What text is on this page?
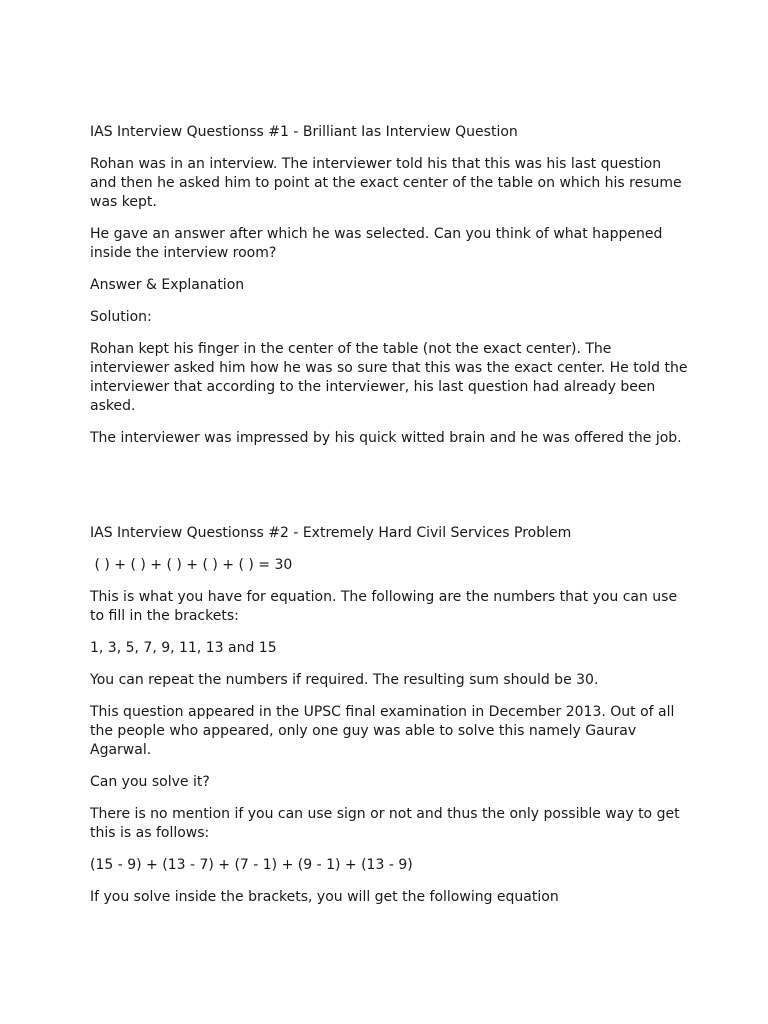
IAS Interview Questionss #1 - Brilliant Ias Interview Question

Rohan was in an interview. The interviewer told his that this was his last question and then he asked him to point at the exact center of the table on which his resume was kept.

He gave an answer after which he was selected. Can you think of what happened inside the interview room?

Answer & Explanation

Solution:

Rohan kept his finger in the center of the table (not the exact center). The interviewer asked him how he was so sure that this was the exact center. He told the interviewer that according to the interviewer, his last question had already been asked.

The interviewer was impressed by his quick witted brain and he was offered the job.

IAS Interview Questionss #2 - Extremely Hard Civil Services Problem

( ) + ( ) + ( ) + ( ) + ( ) = 30

This is what you have for equation. The following are the numbers that you can use to fill in the brackets:

1, 3, 5, 7, 9, 11, 13 and 15

You can repeat the numbers if required. The resulting sum should be 30.

This question appeared in the UPSC final examination in December 2013. Out of all the people who appeared, only one guy was able to solve this namely Gaurav Agarwal.

Can you solve it?

There is no mention if you can use sign or not and thus the only possible way to get this is as follows:

(15 - 9) + (13 - 7) + (7 - 1) + (9 - 1) + (13 - 9)

If you solve inside the brackets, you will get the following equation
